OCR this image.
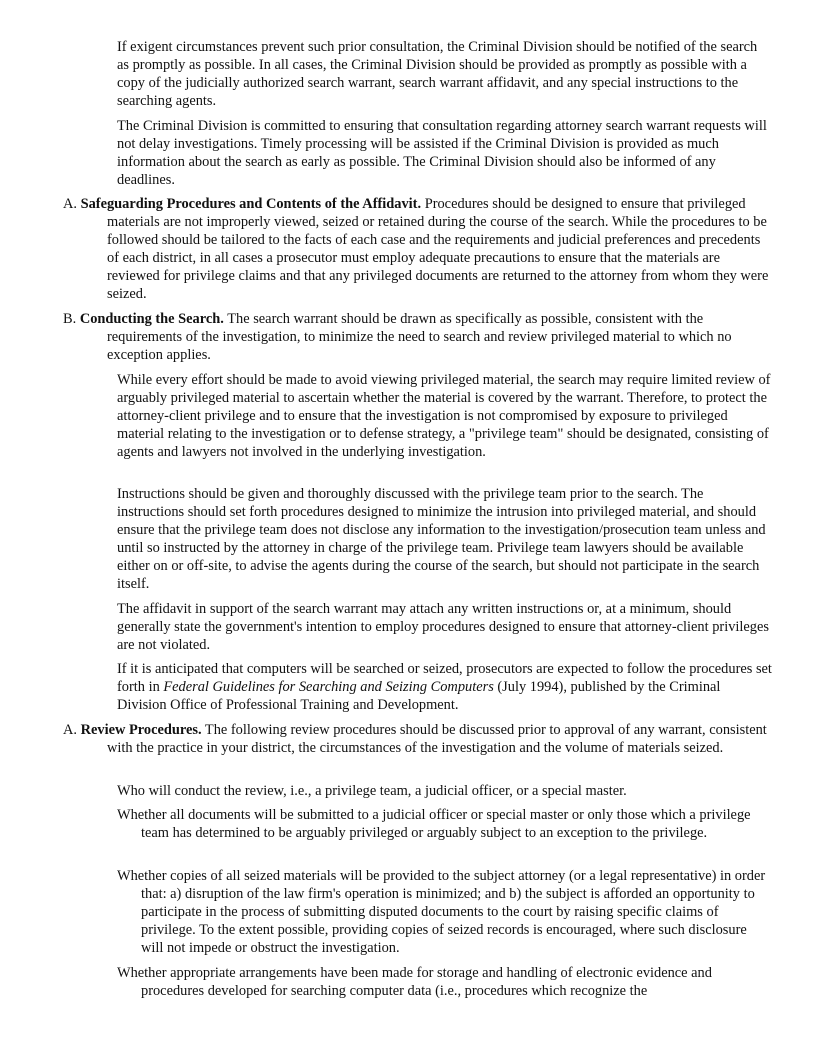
If exigent circumstances prevent such prior consultation, the Criminal Division should be notified of the search as promptly as possible. In all cases, the Criminal Division should be provided as promptly as possible with a copy of the judicially authorized search warrant, search warrant affidavit, and any special instructions to the searching agents.

The Criminal Division is committed to ensuring that consultation regarding attorney search warrant requests will not delay investigations. Timely processing will be assisted if the Criminal Division is provided as much information about the search as early as possible. The Criminal Division should also be informed of any deadlines.

A. Safeguarding Procedures and Contents of the Affidavit. Procedures should be designed to ensure that privileged materials are not improperly viewed, seized or retained during the course of the search. While the procedures to be followed should be tailored to the facts of each case and the requirements and judicial preferences and precedents of each district, in all cases a prosecutor must employ adequate precautions to ensure that the materials are reviewed for privilege claims and that any privileged documents are returned to the attorney from whom they were seized.

B. Conducting the Search. The search warrant should be drawn as specifically as possible, consistent with the requirements of the investigation, to minimize the need to search and review privileged material to which no exception applies.

While every effort should be made to avoid viewing privileged material, the search may require limited review of arguably privileged material to ascertain whether the material is covered by the warrant. Therefore, to protect the attorney-client privilege and to ensure that the investigation is not compromised by exposure to privileged material relating to the investigation or to defense strategy, a "privilege team" should be designated, consisting of agents and lawyers not involved in the underlying investigation.

Instructions should be given and thoroughly discussed with the privilege team prior to the search. The instructions should set forth procedures designed to minimize the intrusion into privileged material, and should ensure that the privilege team does not disclose any information to the investigation/prosecution team unless and until so instructed by the attorney in charge of the privilege team. Privilege team lawyers should be available either on or off-site, to advise the agents during the course of the search, but should not participate in the search itself.

The affidavit in support of the search warrant may attach any written instructions or, at a minimum, should generally state the government's intention to employ procedures designed to ensure that attorney-client privileges are not violated.

If it is anticipated that computers will be searched or seized, prosecutors are expected to follow the procedures set forth in Federal Guidelines for Searching and Seizing Computers (July 1994), published by the Criminal Division Office of Professional Training and Development.

A. Review Procedures. The following review procedures should be discussed prior to approval of any warrant, consistent with the practice in your district, the circumstances of the investigation and the volume of materials seized.

Who will conduct the review, i.e., a privilege team, a judicial officer, or a special master.

Whether all documents will be submitted to a judicial officer or special master or only those which a privilege team has determined to be arguably privileged or arguably subject to an exception to the privilege.

Whether copies of all seized materials will be provided to the subject attorney (or a legal representative) in order that: a) disruption of the law firm's operation is minimized; and b) the subject is afforded an opportunity to participate in the process of submitting disputed documents to the court by raising specific claims of privilege. To the extent possible, providing copies of seized records is encouraged, where such disclosure will not impede or obstruct the investigation.

Whether appropriate arrangements have been made for storage and handling of electronic evidence and procedures developed for searching computer data (i.e., procedures which recognize the
